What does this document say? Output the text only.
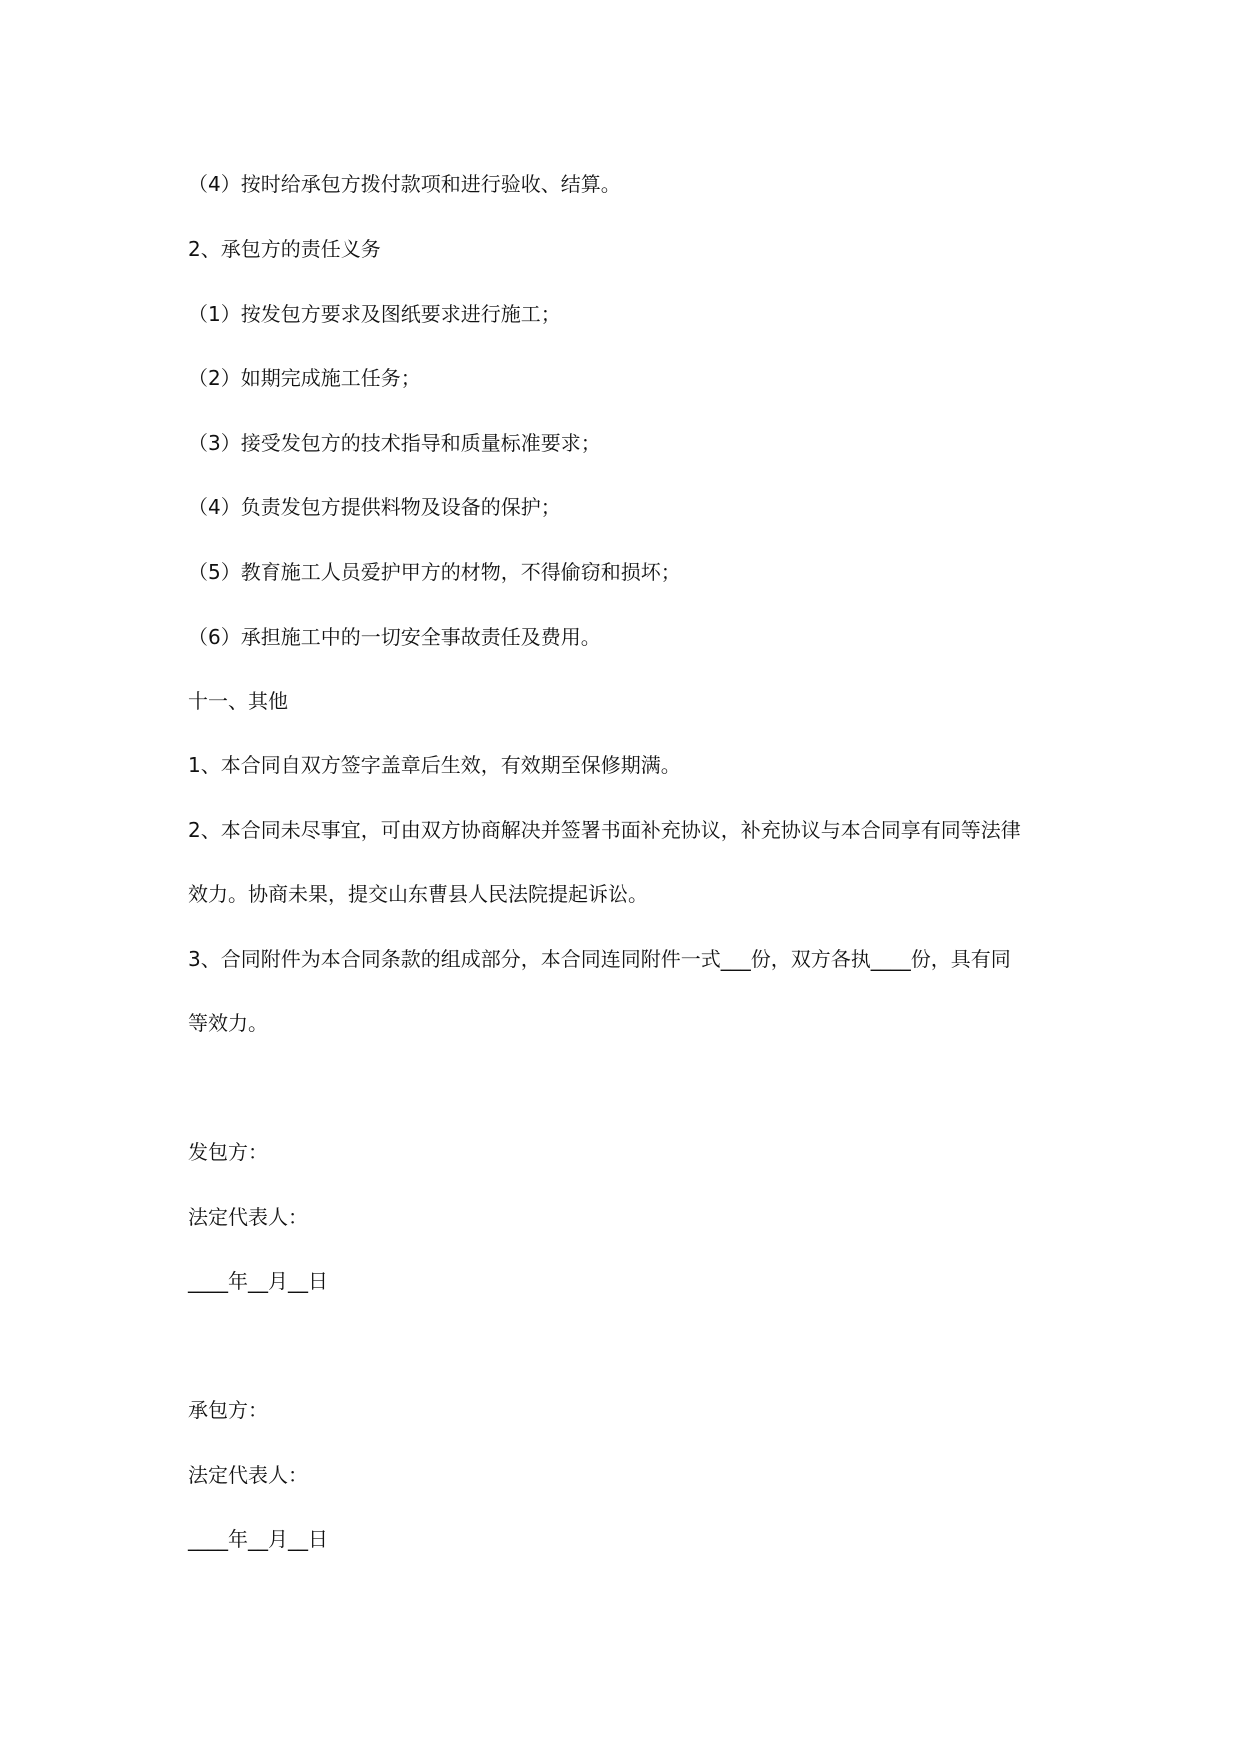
（4）按时给承包方拨付款项和进行验收、结算。

2、承包方的责任义务

（1）按发包方要求及图纸要求进行施工；

（2）如期完成施工任务；

（3）接受发包方的技术指导和质量标准要求；

（4）负责发包方提供料物及设备的保护；

（5）教育施工人员爱护甲方的材物，不得偷窃和损坏；

（6）承担施工中的一切安全事故责任及费用。

十一、其他

1、本合同自双方签字盖章后生效，有效期至保修期满。

2、本合同未尽事宜，可由双方协商解决并签署书面补充协议，补充协议与本合同享有同等法律

效力。协商未果，提交山东曹县人民法院提起诉讼。

3、合同附件为本合同条款的组成部分，本合同连同附件一式___份，双方各执____份，具有同

等效力。

发包方：

法定代表人：

____年__月__日

承包方：

法定代表人：

____年__月__日
